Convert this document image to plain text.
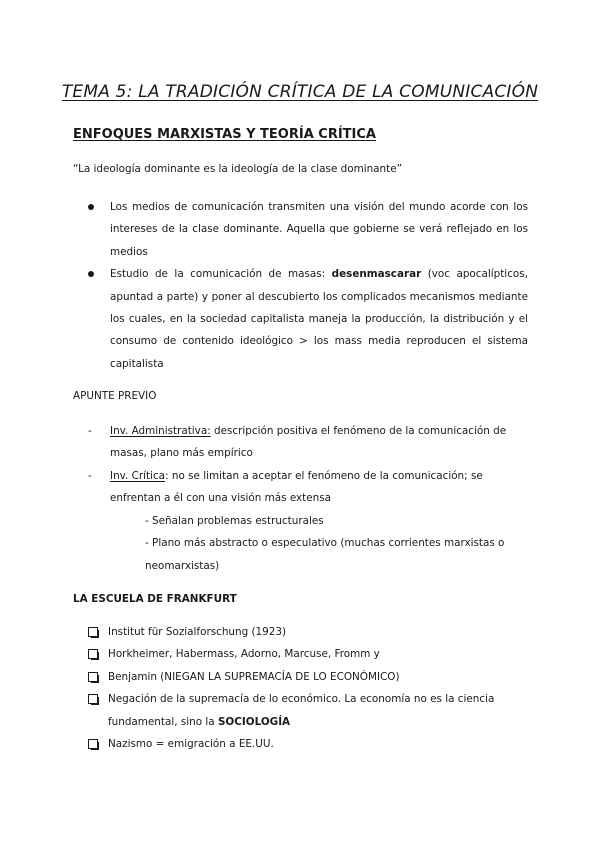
TEMA 5: LA TRADICIÓN CRÍTICA DE LA COMUNICACIÓN
ENFOQUES MARXISTAS Y TEORÍA CRÍTICA

“La ideología dominante es la ideología de la clase dominante”

Los medios de comunicación transmiten una visión del mundo acorde con los intereses de la clase dominante. Aquella que gobierne se verá reflejado en los medios
Estudio de la comunicación de masas: desenmascarar (voc apocalípticos, apuntad a parte) y poner al descubierto los complicados mecanismos mediante los cuales, en la sociedad capitalista maneja la producción, la distribución y el consumo de contenido ideológico > los mass media reproducen el sistema capitalista

APUNTE PREVIO

- Inv. Administrativa: descripción positiva el fenómeno de la comunicación de masas, plano más empírico
- Inv. Crítica: no se limitan a aceptar el fenómeno de la comunicación; se enfrentan a él con una visión más extensa
- Señalan problemas estructurales
- Plano más abstracto o especulativo (muchas corrientes marxistas o neomarxistas)
LA ESCUELA DE FRANKFURT
Institut für Sozialforschung (1923)
Horkheimer, Habermass, Adorno, Marcuse, Fromm y
Benjamin (NIEGAN LA SUPREMACÍA DE LO ECONÓMICO)
Negación de la supremacía de lo económico. La economía no es la ciencia fundamental, sino la SOCIOLOGÍA
Nazismo = emigración a EE.UU.
